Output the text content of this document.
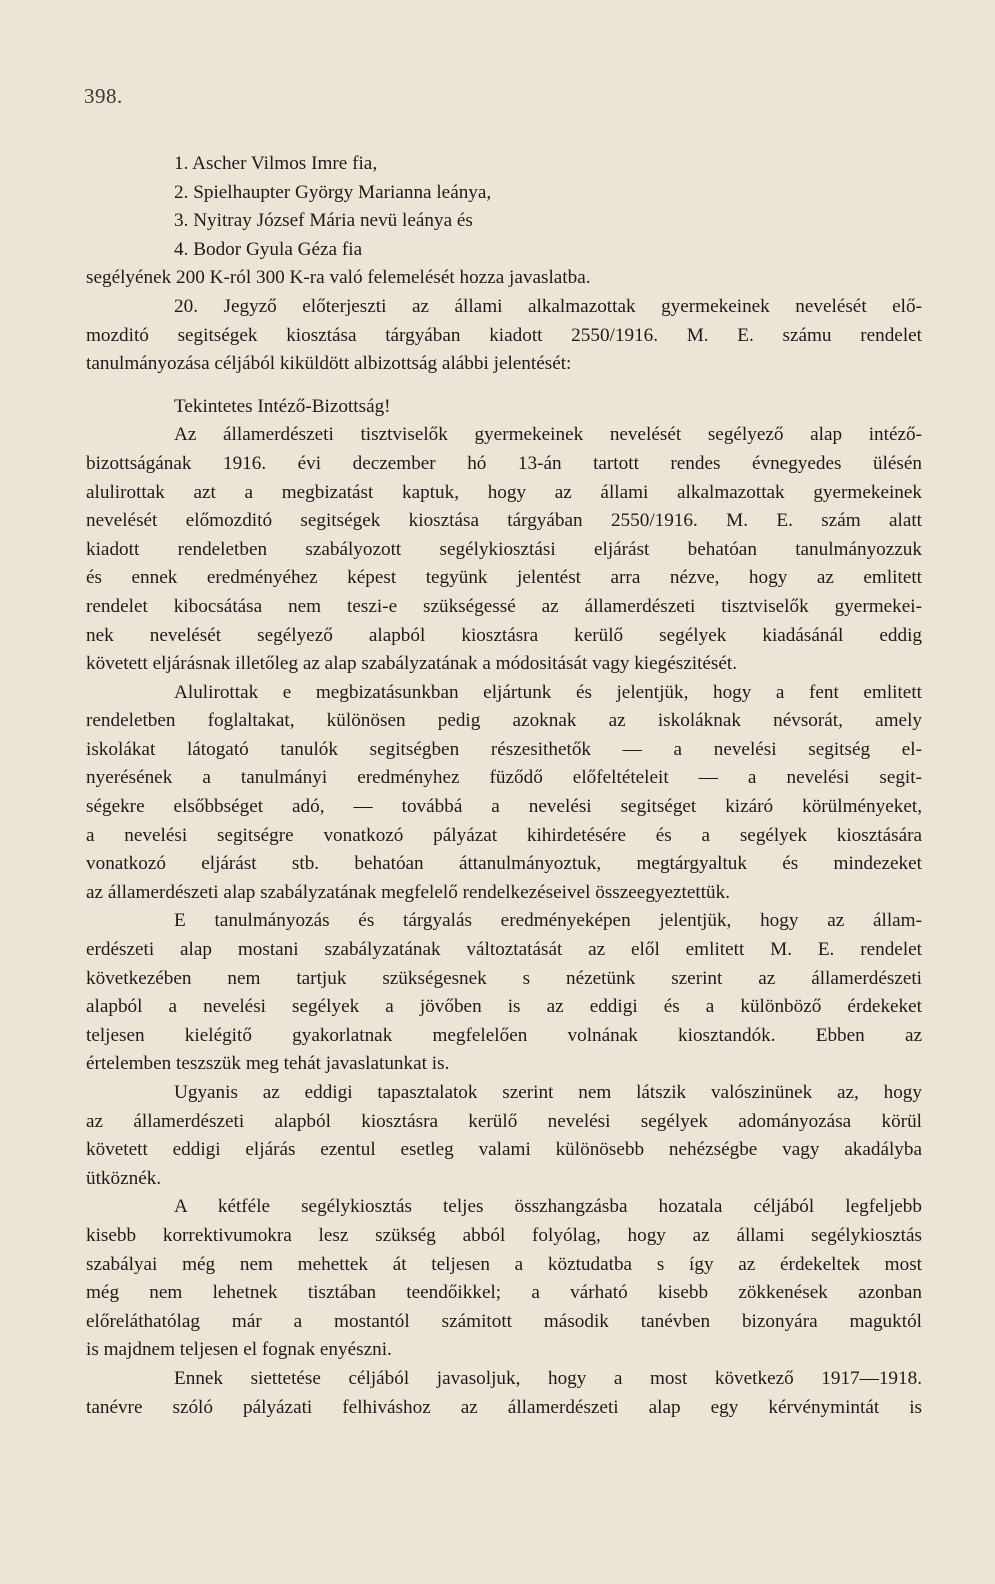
398.
1. Ascher Vilmos Imre fia,
2. Spielhaupter György Marianna leánya,
3. Nyitray József Mária nevü leánya és
4. Bodor Gyula Géza fia
segélyének 200 K-ról 300 K-ra való felemelését hozza javaslatba.
20. Jegyző előterjeszti az állami alkalmazottak gyermekeinek nevelését elő-
mozditó segitségek kiosztása tárgyában kiadott 2550/1916. M. E. számu rendelet
tanulmányozása céljából kiküldött albizottság alábbi jelentését:
Tekintetes Intéző-Bizottság!
Az államerdészeti tisztviselők gyermekeinek nevelését segélyező alap intéző-
bizottságának 1916. évi deczember hó 13-án tartott rendes évnegyedes ülésén
alulirottak azt a megbizatást kaptuk, hogy az állami alkalmazottak gyermekeinek
nevelését előmozditó segitségek kiosztása tárgyában 2550/1916. M. E. szám alatt
kiadott rendeletben szabályozott segélykiosztási eljárást behatóan tanulmányozzuk
és ennek eredményéhez képest tegyünk jelentést arra nézve, hogy az emlitett
rendelet kibocsátása nem teszi-e szükségessé az államerdészeti tisztviselők gyermekei-
nek nevelését segélyező alapból kiosztásra kerülő segélyek kiadásánál eddig
követett eljárásnak illetőleg az alap szabályzatának a módositását vagy kiegészitését.
Alulirottak e megbizatásunkban eljártunk és jelentjük, hogy a fent emlitett
rendeletben foglaltakat, különösen pedig azoknak az iskoláknak névsorát, amely
iskolákat látogató tanulók segitségben részesithetők — a nevelési segitség el-
nyerésének a tanulmányi eredményhez füződő előfeltételeit — a nevelési segit-
ségekre elsőbbséget adó, — továbbá a nevelési segitséget kizáró körülményeket,
a nevelési segitségre vonatkozó pályázat kihirdetésére és a segélyek kiosztására
vonatkozó eljárást stb. behatóan áttanulmányoztuk, megtárgyaltuk és mindezeket
az államerdészeti alap szabályzatának megfelelő rendelkezéseivel összeegyeztettük.
E tanulmányozás és tárgyalás eredményeképen jelentjük, hogy az állam-
erdészeti alap mostani szabályzatának változtatását az elől emlitett M. E. rendelet
következében nem tartjuk szükségesnek s nézetünk szerint az államerdészeti
alapból a nevelési segélyek a jövőben is az eddigi és a különböző érdekeket
teljesen kielégitő gyakorlatnak megfelelően volnának kiosztandók. Ebben az
értelemben teszszük meg tehát javaslatunkat is.
Ugyanis az eddigi tapasztalatok szerint nem látszik valószinünek az, hogy
az államerdészeti alapból kiosztásra kerülő nevelési segélyek adományozása körül
követett eddigi eljárás ezentul esetleg valami különösebb nehézségbe vagy akadályba
ütköznék.
A kétféle segélykiosztás teljes összhangzásba hozatala céljából legfeljebb
kisebb korrektivumokra lesz szükség abból folyólag, hogy az állami segélykiosztás
szabályai még nem mehettek át teljesen a köztudatba s így az érdekeltek most
még nem lehetnek tisztában teendőikkel; a várható kisebb zökkenések azonban
előreláthatólag már a mostantól számitott második tanévben bizonyára maguktól
is majdnem teljesen el fognak enyészni.
Ennek siettetése céljából javasoljuk, hogy a most következő 1917—1918.
tanévre szóló pályázati felhiváshoz az államerdészeti alap egy kérvénymintát is
